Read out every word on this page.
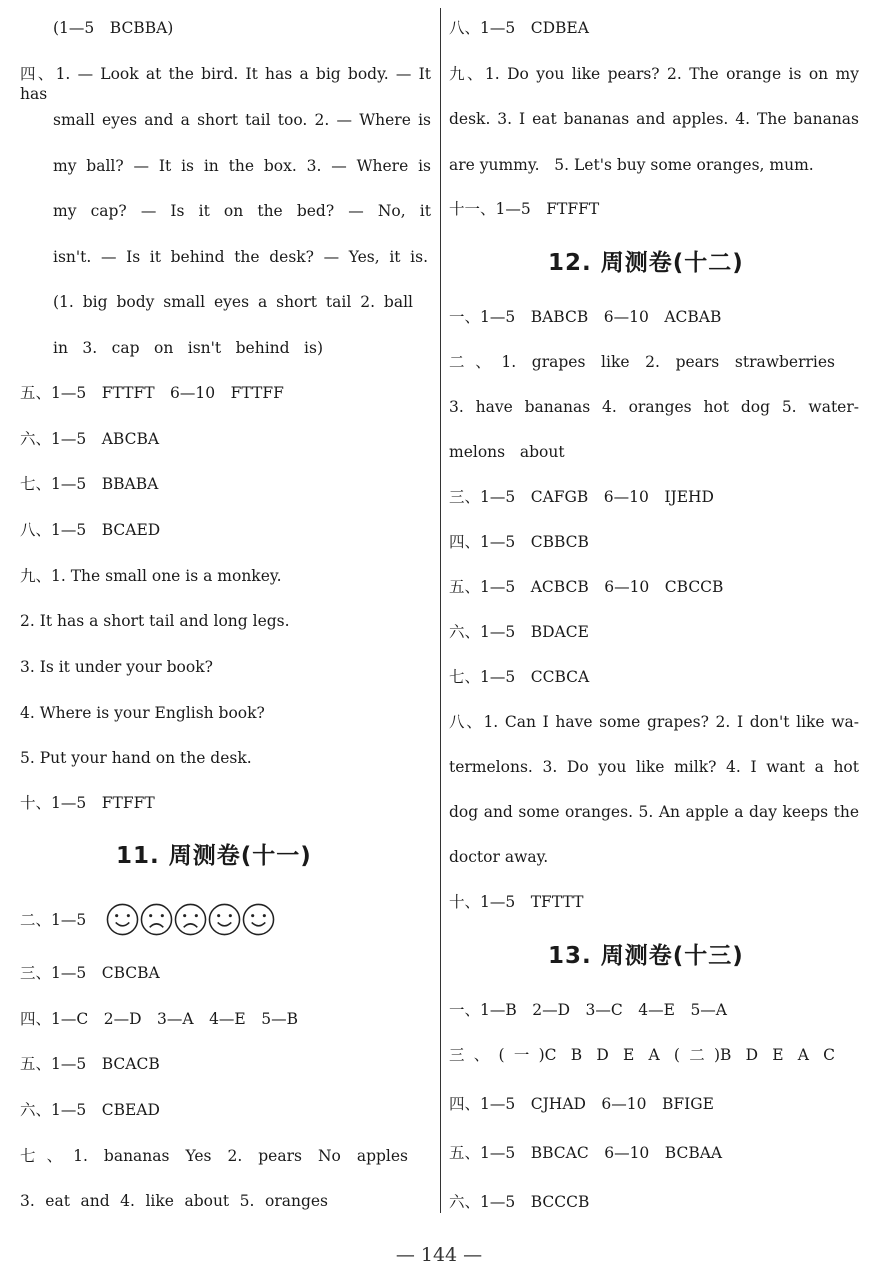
(1—5　BCBBA)
四、1. — Look at the bird. It has a big body. — It has
small eyes and a short tail too. 2. — Where is
my ball? — It is in the box. 3. — Where is
my cap? — Is it on the bed? — No, it
isn't. — Is it behind the desk? — Yes, it is.
(1. big body small eyes a short tail 2. ball
in 3. cap on isn't behind is)
五、1—5　FTTFT　6—10　FTTFF
六、1—5　ABCBA
七、1—5　BBABA
八、1—5　BCAED
九、1. The small one is a monkey.
2. It has a short tail and long legs.
3. Is it under your book?
4. Where is your English book?
5. Put your hand on the desk.
十、1—5　FTFFT
二、1—5
三、1—5　CBCBA
四、1—C　2—D　3—A　4—E　5—B
五、1—5　BCACB
六、1—5　CBEAD
七、1. bananas Yes 2. pears No apples
3. eat and 4. like about 5. oranges
八、1—5　CDBEA
九、1. Do you like pears? 2. The orange is on my
desk. 3. I eat bananas and apples. 4. The bananas
are yummy.   5. Let's buy some oranges, mum.
十一、1—5　FTFFT
一、1—5　BABCB　6—10　ACBAB
二、1. grapes like 2. pears strawberries
3. have bananas 4. oranges hot dog 5. water-
melons   about
三、1—5　CAFGB　6—10　IJEHD
四、1—5　CBBCB
五、1—5　ACBCB　6—10　CBCCB
六、1—5　BDACE
七、1—5　CCBCA
八、1. Can I have some grapes? 2. I don't like wa-
termelons. 3. Do you like milk? 4. I want a hot
dog and some oranges. 5. An apple a day keeps the
doctor away.
十、1—5　TFTTT
一、1—B　2—D　3—C　4—E　5—A
三、(一)C B D E A (二)B D E A C
四、1—5　CJHAD　6—10　BFIGE
五、1—5　BBCAC　6—10　BCBAA
六、1—5　BCCCB
11. 周测卷(十一)
12. 周测卷(十二)
13. 周测卷(十三)
— 144 —
